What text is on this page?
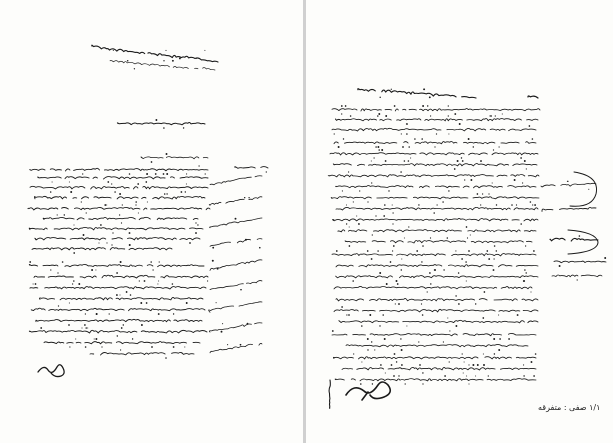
۱/۱ صفی : متفرقه
